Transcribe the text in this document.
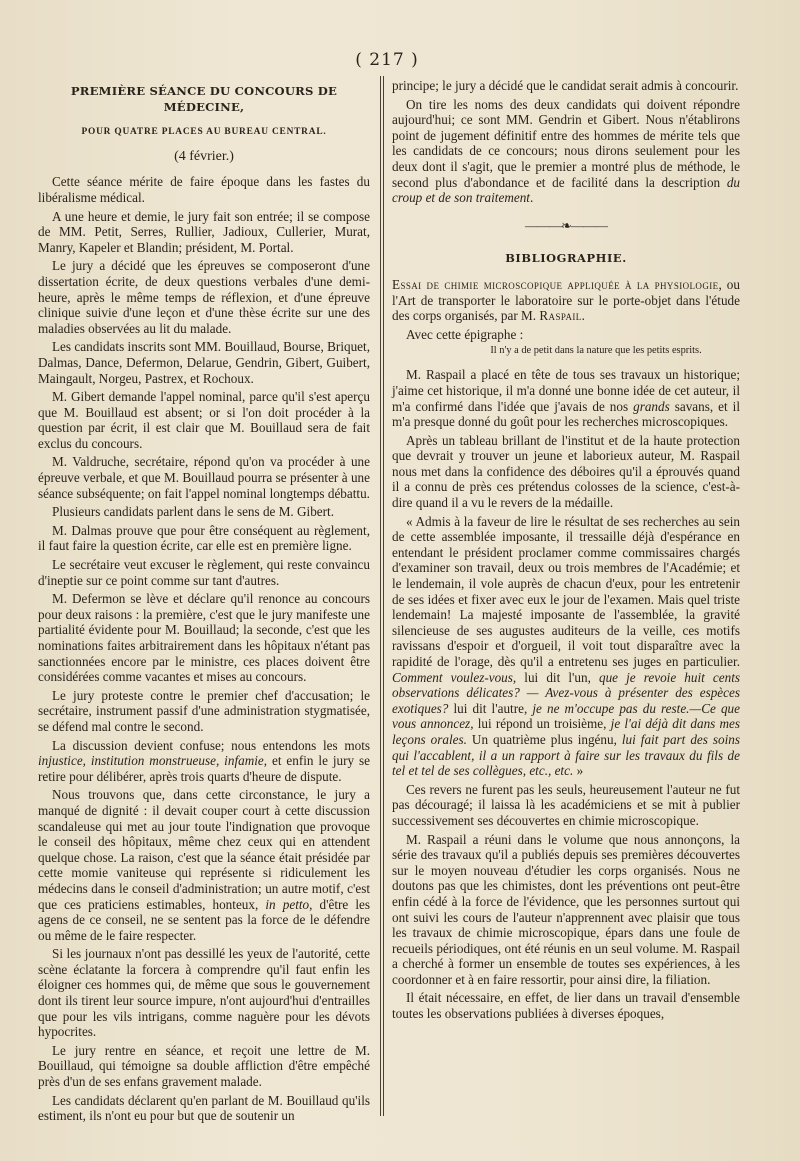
( 217 )

PREMIÈRE SÉANCE DU CONCOURS DE MÉDECINE,

POUR QUATRE PLACES AU BUREAU CENTRAL.

(4 février.)

Cette séance mérite de faire époque dans les fastes du libéralisme médical.

A une heure et demie, le jury fait son entrée; il se compose de MM. Petit, Serres, Rullier, Jadioux, Cullerier, Murat, Manry, Kapeler et Blandin; président, M. Portal.

Le jury a décidé que les épreuves se composeront d'une dissertation écrite, de deux questions verbales d'une demi-heure, après le même temps de réflexion, et d'une épreuve clinique suivie d'une leçon et d'une thèse écrite sur une des maladies observées au lit du malade.

Les candidats inscrits sont MM. Bouillaud, Bourse, Briquet, Dalmas, Dance, Defermon, Delarue, Gendrin, Gibert, Guibert, Maingault, Norgeu, Pastrex, et Rochoux.

M. Gibert demande l'appel nominal, parce qu'il s'est aperçu que M. Bouillaud est absent; or si l'on doit procéder à la question par écrit, il est clair que M. Bouillaud sera de fait exclus du concours.

M. Valdruche, secrétaire, répond qu'on va procéder à une épreuve verbale, et que M. Bouillaud pourra se présenter à une séance subséquente; on fait l'appel nominal longtemps débattu.

Plusieurs candidats parlent dans le sens de M. Gibert.

M. Dalmas prouve que pour être conséquent au règlement, il faut faire la question écrite, car elle est en première ligne.

Le secrétaire veut excuser le règlement, qui reste convaincu d'ineptie sur ce point comme sur tant d'autres.

M. Defermon se lève et déclare qu'il renonce au concours pour deux raisons : la première, c'est que le jury manifeste une partialité évidente pour M. Bouillaud; la seconde, c'est que les nominations faites arbitrairement dans les hôpitaux n'étant pas sanctionnées encore par le ministre, ces places doivent être considérées comme vacantes et mises au concours.

Le jury proteste contre le premier chef d'accusation; le secrétaire, instrument passif d'une administration stygmatisée, se défend mal contre le second.

La discussion devient confuse; nous entendons les mots injustice, institution monstrueuse, infamie, et enfin le jury se retire pour délibérer, après trois quarts d'heure de dispute.

Nous trouvons que, dans cette circonstance, le jury a manqué de dignité : il devait couper court à cette discussion scandaleuse qui met au jour toute l'indignation que provoque le conseil des hôpitaux, même chez ceux qui en attendent quelque chose. La raison, c'est que la séance était présidée par cette momie vaniteuse qui représente si ridiculement les médecins dans le conseil d'administration; un autre motif, c'est que ces praticiens estimables, honteux, in petto, d'être les agens de ce conseil, ne se sentent pas la force de le défendre ou même de le faire respecter.

Si les journaux n'ont pas dessillé les yeux de l'autorité, cette scène éclatante la forcera à comprendre qu'il faut enfin les éloigner ces hommes qui, de même que sous le gouvernement dont ils tirent leur source impure, n'ont aujourd'hui d'entrailles que pour les vils intrigans, comme naguère pour les dévots hypocrites.

Le jury rentre en séance, et reçoit une lettre de M. Bouillaud, qui témoigne sa double affliction d'être empêché près d'un de ses enfans gravement malade.

Les candidats déclarent qu'en parlant de M. Bouillaud qu'ils estiment, ils n'ont eu pour but que de soutenir un

principe; le jury a décidé que le candidat serait admis à concourir.

On tire les noms des deux candidats qui doivent répondre aujourd'hui; ce sont MM. Gendrin et Gibert. Nous n'établirons point de jugement définitif entre des hommes de mérite tels que les candidats de ce concours; nous dirons seulement pour les deux dont il s'agit, que le premier a montré plus de méthode, le second plus d'abondance et de facilité dans la description du croup et de son traitement.

———❧———

BIBLIOGRAPHIE.

Essai de chimie microscopique appliquée à la physiologie, ou l'Art de transporter le laboratoire sur le porte-objet dans l'étude des corps organisés, par M. Raspail.

Avec cette épigraphe :

Il n'y a de petit dans la nature que les petits esprits.

M. Raspail a placé en tête de tous ses travaux un historique; j'aime cet historique, il m'a donné une bonne idée de cet auteur, il m'a confirmé dans l'idée que j'avais de nos grands savans, et il m'a presque donné du goût pour les recherches microscopiques.

Après un tableau brillant de l'institut et de la haute protection que devrait y trouver un jeune et laborieux auteur, M. Raspail nous met dans la confidence des déboires qu'il a éprouvés quand il a connu de près ces prétendus colosses de la science, c'est-à-dire quand il a vu le revers de la médaille.

« Admis à la faveur de lire le résultat de ses recherches au sein de cette assemblée imposante, il tressaille déjà d'espérance en entendant le président proclamer comme commissaires chargés d'examiner son travail, deux ou trois membres de l'Académie; et le lendemain, il vole auprès de chacun d'eux, pour les entretenir de ses idées et fixer avec eux le jour de l'examen. Mais quel triste lendemain! La majesté imposante de l'assemblée, la gravité silencieuse de ses augustes auditeurs de la veille, ces motifs ravissans d'espoir et d'orgueil, il voit tout disparaître avec la rapidité de l'orage, dès qu'il a entretenu ses juges en particulier. Comment voulez-vous, lui dit l'un, que je revoie huit cents observations délicates? — Avez-vous à présenter des espèces exotiques? lui dit l'autre, je ne m'occupe pas du reste.—Ce que vous annoncez, lui répond un troisième, je l'ai déjà dit dans mes leçons orales. Un quatrième plus ingénu, lui fait part des soins qui l'accablent, il a un rapport à faire sur les travaux du fils de tel et tel de ses collègues, etc., etc. »

Ces revers ne furent pas les seuls, heureusement l'auteur ne fut pas découragé; il laissa là les académiciens et se mit à publier successivement ses découvertes en chimie microscopique.

M. Raspail a réuni dans le volume que nous annonçons, la série des travaux qu'il a publiés depuis ses premières découvertes sur le moyen nouveau d'étudier les corps organisés. Nous ne doutons pas que les chimistes, dont les préventions ont peut-être enfin cédé à la force de l'évidence, que les personnes surtout qui ont suivi les cours de l'auteur n'apprennent avec plaisir que tous les travaux de chimie microscopique, épars dans une foule de recueils périodiques, ont été réunis en un seul volume. M. Raspail a cherché à former un ensemble de toutes ses expériences, à les coordonner et à en faire ressortir, pour ainsi dire, la filiation.

Il était nécessaire, en effet, de lier dans un travail d'ensemble toutes les observations publiées à diverses époques,
